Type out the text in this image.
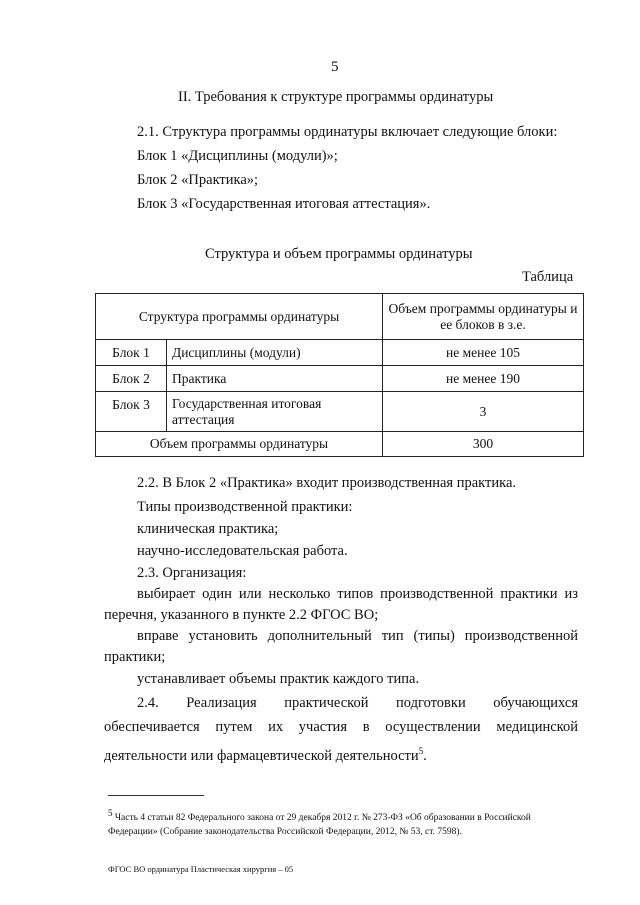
5
II. Требования к структуре программы ординатуры
2.1. Структура программы ординатуры включает следующие блоки:
Блок 1 «Дисциплины (модули)»;
Блок 2 «Практика»;
Блок 3 «Государственная итоговая аттестация».
Структура и объем программы ординатуры
Таблица
Структура программы ординатуры		Объем программы ординатуры и ее блоков в з.е.
Блок 1	Дисциплины (модули)	не менее 105
Блок 2	Практика	не менее 190
Блок 3	Государственная итоговая аттестация	3
Объем программы ординатуры		300
2.2. В Блок 2 «Практика» входит производственная практика.
Типы производственной практики:
клиническая практика;
научно-исследовательская работа.
2.3. Организация:
выбирает один или несколько типов производственной практики из перечня, указанного в пункте 2.2 ФГОС ВО;
вправе установить дополнительный тип (типы) производственной практики;
устанавливает объемы практик каждого типа.
2.4. Реализация практической подготовки обучающихся обеспечивается путем их участия в осуществлении медицинской деятельности или фармацевтической деятельности$^5$.
$^5$ Часть 4 статьи 82 Федерального закона от 29 декабря 2012 г. № 273-ФЗ «Об образовании в Российской Федерации» (Собрание законодательства Российской Федерации, 2012, № 53, ст. 7598).
ФГОС ВО ординатура Пластическая хирургия – 05
